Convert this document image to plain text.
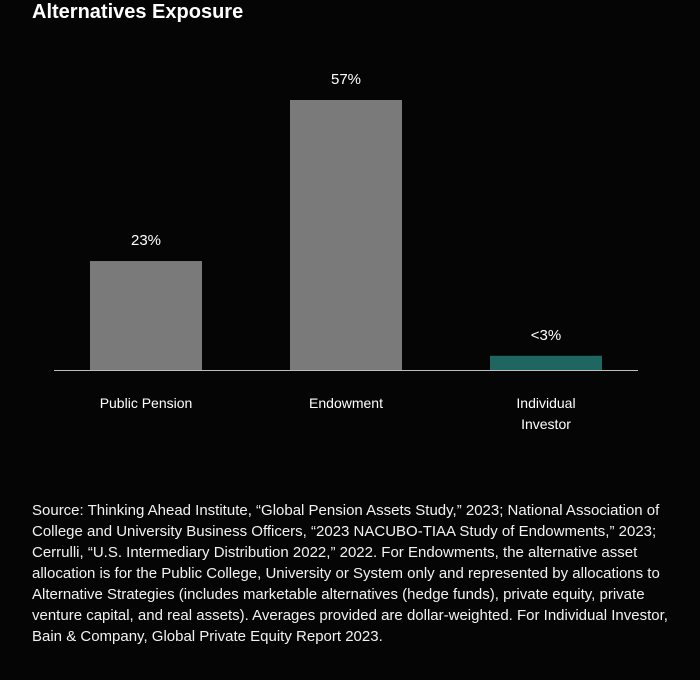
Alternatives Exposure
23%
Public Pension
57%
Endowment
<3%
Individual Investor
Source: Thinking Ahead Institute, “Global Pension Assets Study,” 2023; National Association of College and University Business Officers, “2023 NACUBO-TIAA Study of Endowments,” 2023; Cerrulli, “U.S. Intermediary Distribution 2022,” 2022. For Endowments, the alternative asset allocation is for the Public College, University or System only and represented by allocations to Alternative Strategies (includes marketable alternatives (hedge funds), private equity, private venture capital, and real assets). Averages provided are dollar-weighted. For Individual Investor, Bain & Company, Global Private Equity Report 2023.
